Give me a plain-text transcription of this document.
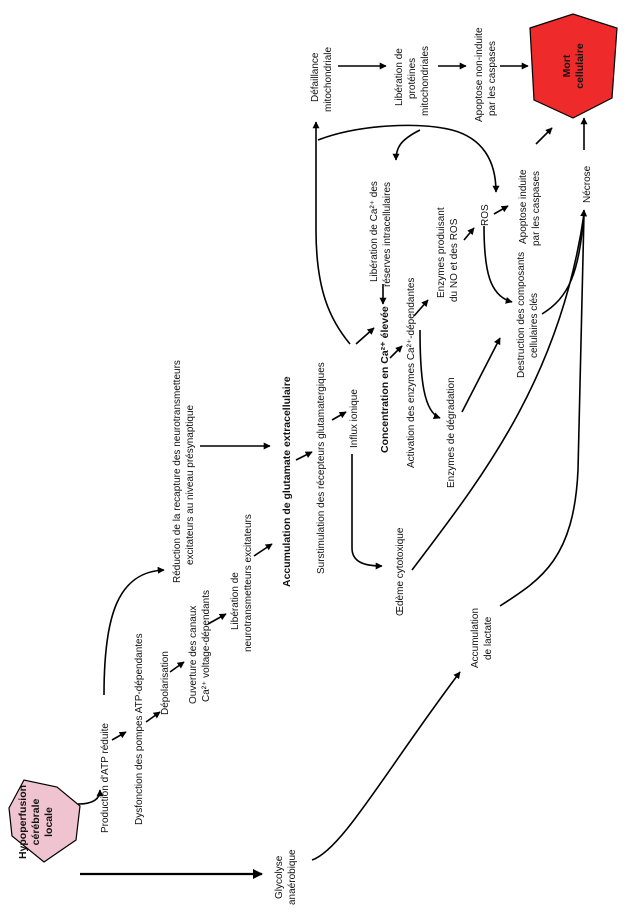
Hypoperfusion cérébrale locale
Mort cellulaire
Production d'ATP réduite Dysfonction des pompes ATP-dépendantes Dépolarisation Ouverture des canaux Ca²⁺ voltage-dépendants Libération de neurotransmetteurs excitateurs
Réduction de la recapture des neurotransmetteurs excitateurs au niveau présynaptique	Accumulation de glutamate extracellulaire Surstimulation des récepteurs glutamatergiques Influx ionique Concentration en Ca²⁺ élevée
Libération de Ca²⁺ des réserves intracellulaires
Activation des enzymes Ca²⁺-dépendantes
Enzymes produisant du NO et des ROS
Enzymes de dégradation
ROS
Destruction des composants cellulaires clés
Apoptose induite par les caspases	Nécrose
Défaillance mitochondriale	Libération de protéines mitochondriales	Apoptose non-induite par les caspases
Œdème cytotoxique
Glycolyse anaérobique
Accumulation de lactate
